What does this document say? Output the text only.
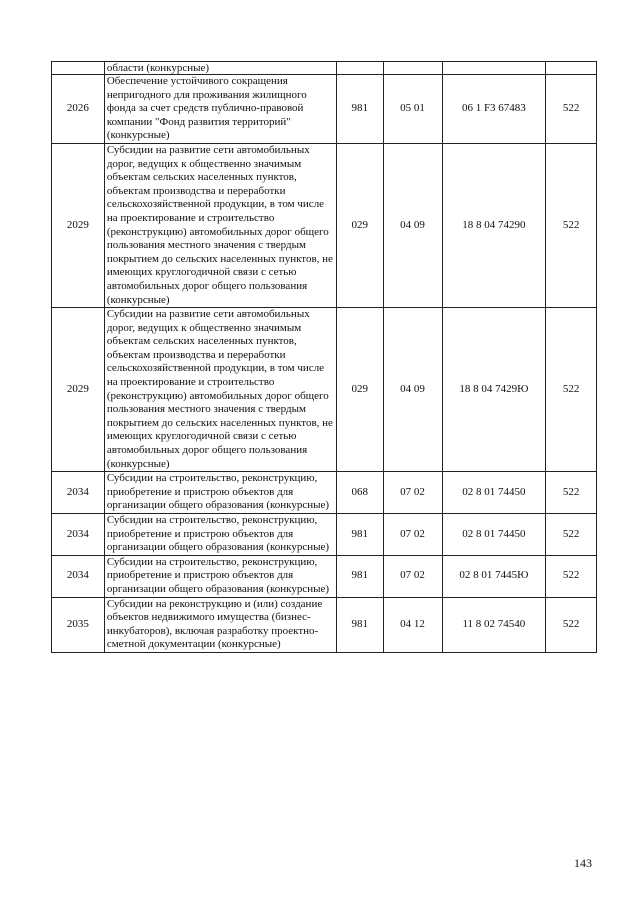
	области (конкурсные)				
2026	Обеспечение устойчивого сокращения непригодного для проживания жилищного фонда за счет средств публично-правовой компании "Фонд развития территорий" (конкурсные)	981	05 01	06 1 F3 67483	522
2029	Субсидии на развитие сети автомобильных дорог, ведущих к общественно значимым объектам сельских населенных пунктов, объектам производства и переработки сельскохозяйственной продукции, в том числе на проектирование и строительство (реконструкцию) автомобильных дорог общего пользования местного значения с твердым покрытием до сельских населенных пунктов, не имеющих круглогодичной связи с сетью автомобильных дорог общего пользования (конкурсные)	029	04 09	18 8 04 74290	522
2029	Субсидии на развитие сети автомобильных дорог, ведущих к общественно значимым объектам сельских населенных пунктов, объектам производства и переработки сельскохозяйственной продукции, в том числе на проектирование и строительство (реконструкцию) автомобильных дорог общего пользования местного значения с твердым покрытием до сельских населенных пунктов, не имеющих круглогодичной связи с сетью автомобильных дорог общего пользования (конкурсные)	029	04 09	18 8 04 7429Ю	522
2034	Субсидии на строительство, реконструкцию, приобретение и пристрою объектов для организации общего образования (конкурсные)	068	07 02	02 8 01 74450	522
2034	Субсидии на строительство, реконструкцию, приобретение и пристрою объектов для организации общего образования (конкурсные)	981	07 02	02 8 01 74450	522
2034	Субсидии на строительство, реконструкцию, приобретение и пристрою объектов для организации общего образования (конкурсные)	981	07 02	02 8 01 7445Ю	522
2035	Субсидии на реконструкцию и (или) создание объектов недвижимого имущества (бизнес-инкубаторов), включая разработку проектно-сметной документации (конкурсные)	981	04 12	11 8 02 74540	522
143
